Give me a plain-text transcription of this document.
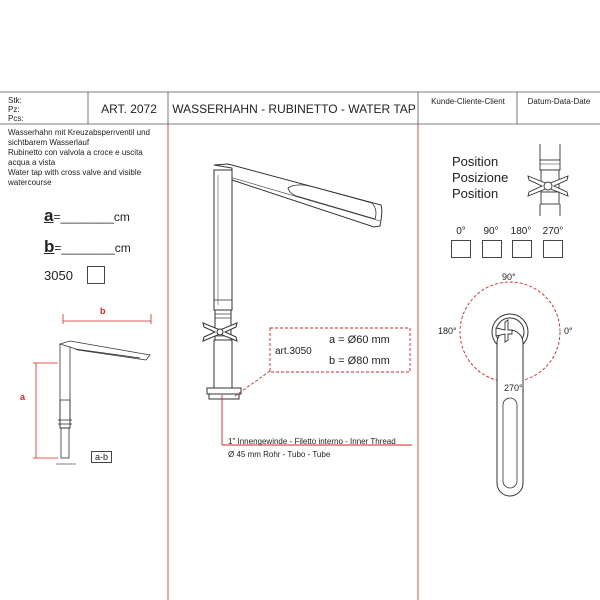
Stk:
Pz:
Pcs:
ART. 2072	WASSERHAHN - RUBINETTO - WATER TAP
Kunde-Cliente-Client	Datum-Data-Date
Wasserhahn mit Kreuzabsperrventil und sichtbarem Wasserlauf
Rubinetto con valvola a croce e uscita acqua a vista
Water tap with cross valve and visible watercourse
a=________cm
b=________cm
3050
b
a
a-b
art.3050
a = Ø60 mm
b = Ø80 mm
1" Innengewinde - Filetto interno - Inner Thread
Ø 45 mm Rohr - Tubo - Tube
Position
Posizione
Position
0°	90°	180°	270°
90°
180°	0°
270°
